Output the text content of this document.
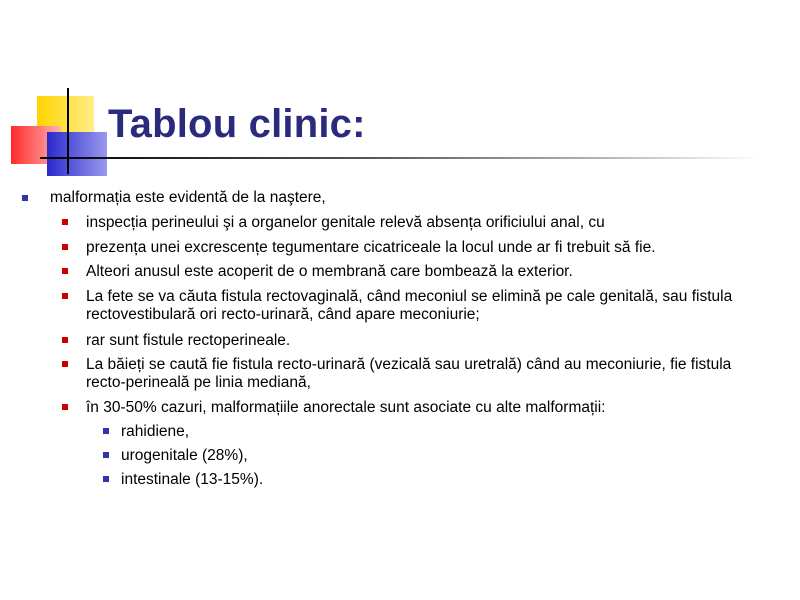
Tablou clinic:
malformația este evidentă de la naştere,
inspecția perineului şi a organelor genitale relevă absența orificiului anal, cu
prezența unei excrescențe tegumentare cicatriceale la locul unde ar fi trebuit să fie.
Alteori anusul este acoperit de o membrană care bombează la exterior.
La fete se va căuta fistula rectovaginală, când meconiul se elimină pe cale genitală, sau fistula rectovestibulară ori recto-urinară, când apare meconiurie;
rar sunt fistule rectoperineale.
La băieți se caută fie fistula recto-urinară (vezicală sau uretrală) când au meconiurie, fie fistula recto-perineală pe linia mediană,
în 30-50% cazuri, malformațiile anorectale sunt asociate cu alte malformații:
rahidiene,
urogenitale (28%),
intestinale (13-15%).
